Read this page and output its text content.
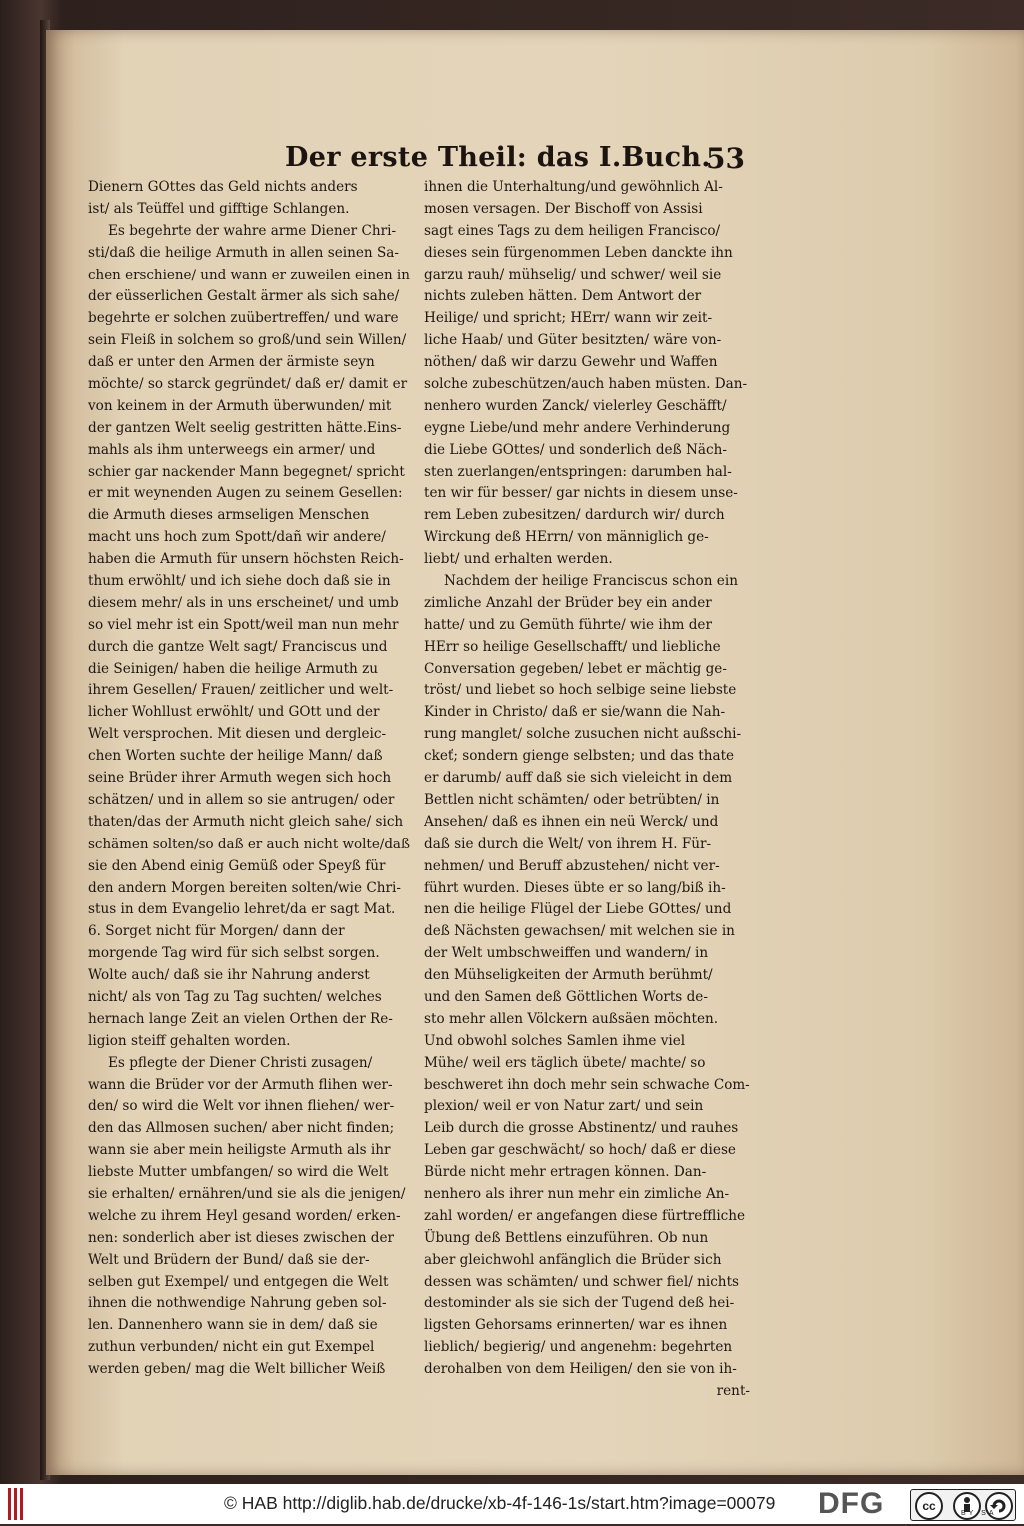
Der erste Theil: das I.Buch.
53
Dienern GOttes das Geld nichts anders
ist/ als Teüffel und gifftige Schlangen.
Es begehrte der wahre arme Diener Chri-
sti/daß die heilige Armuth in allen seinen Sa-
chen erschiene/ und wann er zuweilen einen in
der eüsserlichen Gestalt ärmer als sich sahe/
begehrte er solchen zuübertreffen/ und ware
sein Fleiß in solchem so groß/und sein Willen/
daß er unter den Armen der ärmiste seyn
möchte/ so starck gegründet/ daß er/ damit er
von keinem in der Armuth überwunden/ mit
der gantzen Welt seelig gestritten hätte.Eins-
mahls als ihm unterweegs ein armer/ und
schier gar nackender Mann begegnet/ spricht
er mit weynenden Augen zu seinem Gesellen:
die Armuth dieses armseligen Menschen
macht uns hoch zum Spott/dañ wir andere/
haben die Armuth für unsern höchsten Reich-
thum erwöhlt/ und ich siehe doch daß sie in
diesem mehr/ als in uns erscheinet/ und umb
so viel mehr ist ein Spott/weil man nun mehr
durch die gantze Welt sagt/ Franciscus und
die Seinigen/ haben die heilige Armuth zu
ihrem Gesellen/ Frauen/ zeitlicher und welt-
licher Wohllust erwöhlt/ und GOtt und der
Welt versprochen. Mit diesen und dergleic-
chen Worten suchte der heilige Mann/ daß
seine Brüder ihrer Armuth wegen sich hoch
schätzen/ und in allem so sie antrugen/ oder
thaten/das der Armuth nicht gleich sahe/ sich
schämen solten/so daß er auch nicht wolte/daß
sie den Abend einig Gemüß oder Speyß für
den andern Morgen bereiten solten/wie Chri-
stus in dem Evangelio lehret/da er sagt Mat.
6. Sorget nicht für Morgen/ dann der
morgende Tag wird für sich selbst sorgen.
Wolte auch/ daß sie ihr Nahrung anderst
nicht/ als von Tag zu Tag suchten/ welches
hernach lange Zeit an vielen Orthen der Re-
ligion steiff gehalten worden.
Es pflegte der Diener Christi zusagen/
wann die Brüder vor der Armuth flihen wer-
den/ so wird die Welt vor ihnen fliehen/ wer-
den das Allmosen suchen/ aber nicht finden;
wann sie aber mein heiligste Armuth als ihr
liebste Mutter umbfangen/ so wird die Welt
sie erhalten/ ernähren/und sie als die jenigen/
welche zu ihrem Heyl gesand worden/ erken-
nen: sonderlich aber ist dieses zwischen der
Welt und Brüdern der Bund/ daß sie der-
selben gut Exempel/ und entgegen die Welt
ihnen die nothwendige Nahrung geben sol-
len. Dannenhero wann sie in dem/ daß sie
zuthun verbunden/ nicht ein gut Exempel
werden geben/ mag die Welt billicher Weiß
ihnen die Unterhaltung/und gewöhnlich Al-
mosen versagen. Der Bischoff von Assisi
sagt eines Tags zu dem heiligen Francisco/
dieses sein fürgenommen Leben danckte ihn
garzu rauh/ mühselig/ und schwer/ weil sie
nichts zuleben hätten. Dem Antwort der
Heilige/ und spricht; HErr/ wann wir zeit-
liche Haab/ und Güter besitzten/ wäre von-
nöthen/ daß wir darzu Gewehr und Waffen
solche zubeschützen/auch haben müsten. Dan-
nenhero wurden Zanck/ vielerley Geschäfft/
eygne Liebe/und mehr andere Verhinderung
die Liebe GOttes/ und sonderlich deß Näch-
sten zuerlangen/entspringen: darumben hal-
ten wir für besser/ gar nichts in diesem unse-
rem Leben zubesitzen/ dardurch wir/ durch
Wirckung deß HErrn/ von männiglich ge-
liebt/ und erhalten werden.
Nachdem der heilige Franciscus schon ein
zimliche Anzahl der Brüder bey ein ander
hatte/ und zu Gemüth führte/ wie ihm der
HErr so heilige Gesellschafft/ und liebliche
Conversation gegeben/ lebet er mächtig ge-
tröst/ und liebet so hoch selbige seine liebste
Kinder in Christo/ daß er sie/wann die Nah-
rung manglet/ solche zusuchen nicht außschi-
ckeť; sondern gienge selbsten; und das thate
er darumb/ auff daß sie sich vieleicht in dem
Bettlen nicht schämten/ oder betrübten/ in
Ansehen/ daß es ihnen ein neü Werck/ und
daß sie durch die Welt/ von ihrem H. Für-
nehmen/ und Beruff abzustehen/ nicht ver-
führt wurden. Dieses übte er so lang/biß ih-
nen die heilige Flügel der Liebe GOttes/ und
deß Nächsten gewachsen/ mit welchen sie in
der Welt umbschweiffen und wandern/ in
den Mühseligkeiten der Armuth berühmt/
und den Samen deß Göttlichen Worts de-
sto mehr allen Völckern außsäen möchten.
Und obwohl solches Samlen ihme viel
Mühe/ weil ers täglich übete/ machte/ so
beschweret ihn doch mehr sein schwache Com-
plexion/ weil er von Natur zart/ und sein
Leib durch die grosse Abstinentz/ und rauhes
Leben gar geschwächt/ so hoch/ daß er diese
Bürde nicht mehr ertragen können. Dan-
nenhero als ihrer nun mehr ein zimliche An-
zahl worden/ er angefangen diese fürtreffliche
Übung deß Bettlens einzuführen. Ob nun
aber gleichwohl anfänglich die Brüder sich
dessen was schämten/ und schwer fiel/ nichts
destominder als sie sich der Tugend deß hei-
ligsten Gehorsams erinnerten/ war es ihnen
lieblich/ begierig/ und angenehm: begehrten
derohalben von dem Heiligen/ den sie von ih-
rent-
© HAB http://diglib.hab.de/drucke/xb-4f-146-1s/start.htm?image=00079 DFG	cc
BY SA
